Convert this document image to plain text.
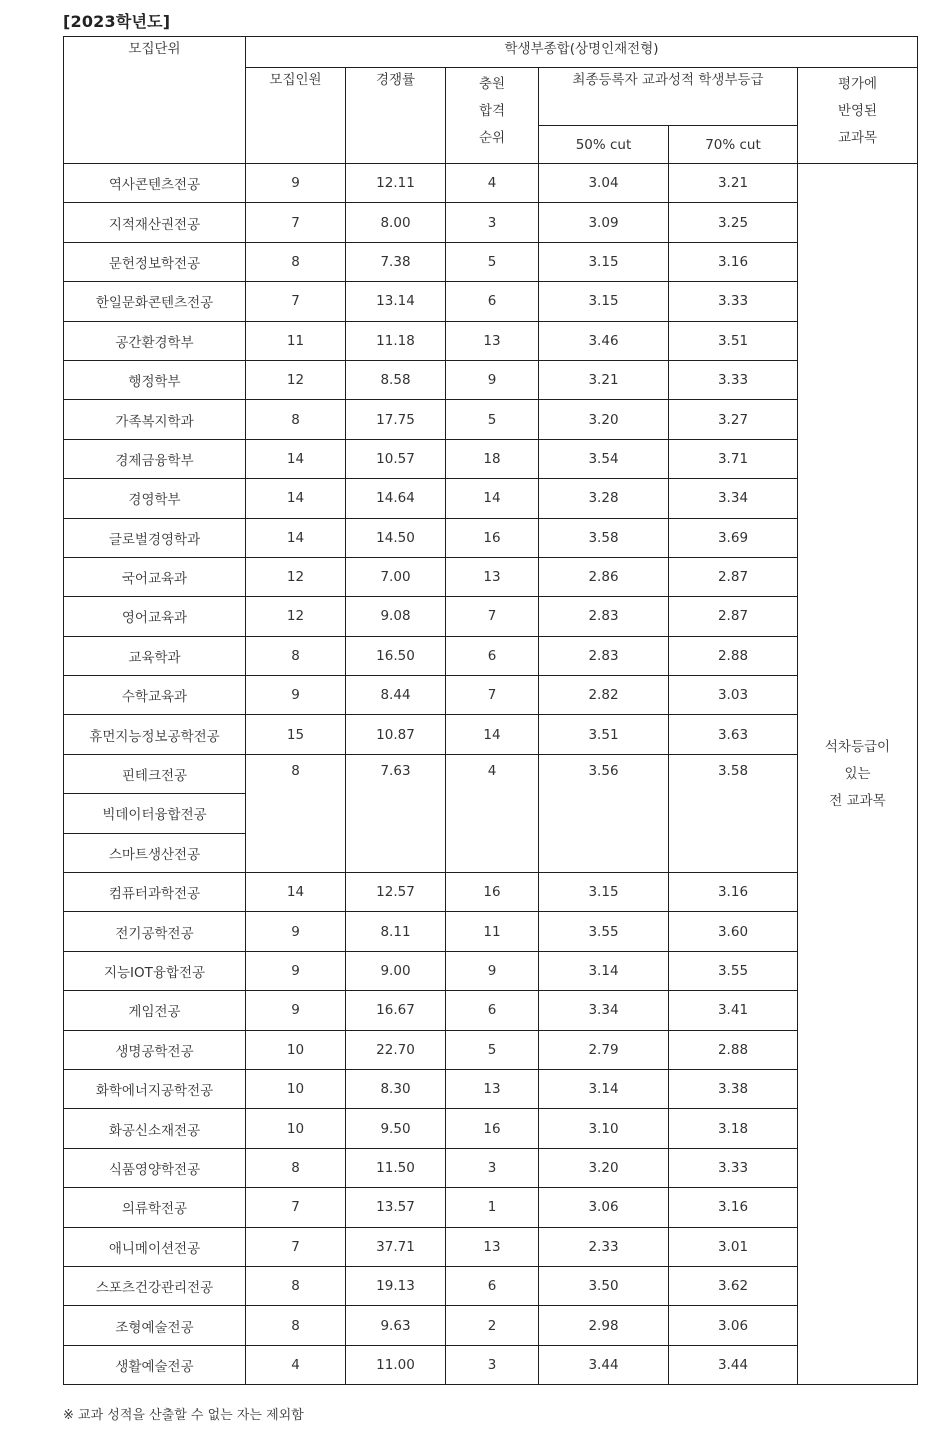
[2023학년도]
모집단위	학생부종합(상명인재전형)					
	모집인원	경쟁률	충원
합격
순위	최종등록자 교과성적 학생부등급		평가에
반영된
교과목
				50% cut	70% cut	
역사콘텐츠전공	9	12.11	4	3.04	3.21	석차등급이
있는
전 교과목
지적재산권전공	7	8.00	3	3.09	3.25	
문헌정보학전공	8	7.38	5	3.15	3.16	
한일문화콘텐츠전공	7	13.14	6	3.15	3.33	
공간환경학부	11	11.18	13	3.46	3.51	
행정학부	12	8.58	9	3.21	3.33	
가족복지학과	8	17.75	5	3.20	3.27	
경제금융학부	14	10.57	18	3.54	3.71	
경영학부	14	14.64	14	3.28	3.34	
글로벌경영학과	14	14.50	16	3.58	3.69	
국어교육과	12	7.00	13	2.86	2.87	
영어교육과	12	9.08	7	2.83	2.87	
교육학과	8	16.50	6	2.83	2.88	
수학교육과	9	8.44	7	2.82	3.03	
휴먼지능정보공학전공	15	10.87	14	3.51	3.63	
핀테크전공	8	7.63	4	3.56	3.58	
빅데이터융합전공						
스마트생산전공						
컴퓨터과학전공	14	12.57	16	3.15	3.16	
전기공학전공	9	8.11	11	3.55	3.60	
지능IOT융합전공	9	9.00	9	3.14	3.55	
게임전공	9	16.67	6	3.34	3.41	
생명공학전공	10	22.70	5	2.79	2.88	
화학에너지공학전공	10	8.30	13	3.14	3.38	
화공신소재전공	10	9.50	16	3.10	3.18	
식품영양학전공	8	11.50	3	3.20	3.33	
의류학전공	7	13.57	1	3.06	3.16	
애니메이션전공	7	37.71	13	2.33	3.01	
스포츠건강관리전공	8	19.13	6	3.50	3.62	
조형예술전공	8	9.63	2	2.98	3.06	
생활예술전공	4	11.00	3	3.44	3.44	
※ 교과 성적을 산출할 수 없는 자는 제외함
